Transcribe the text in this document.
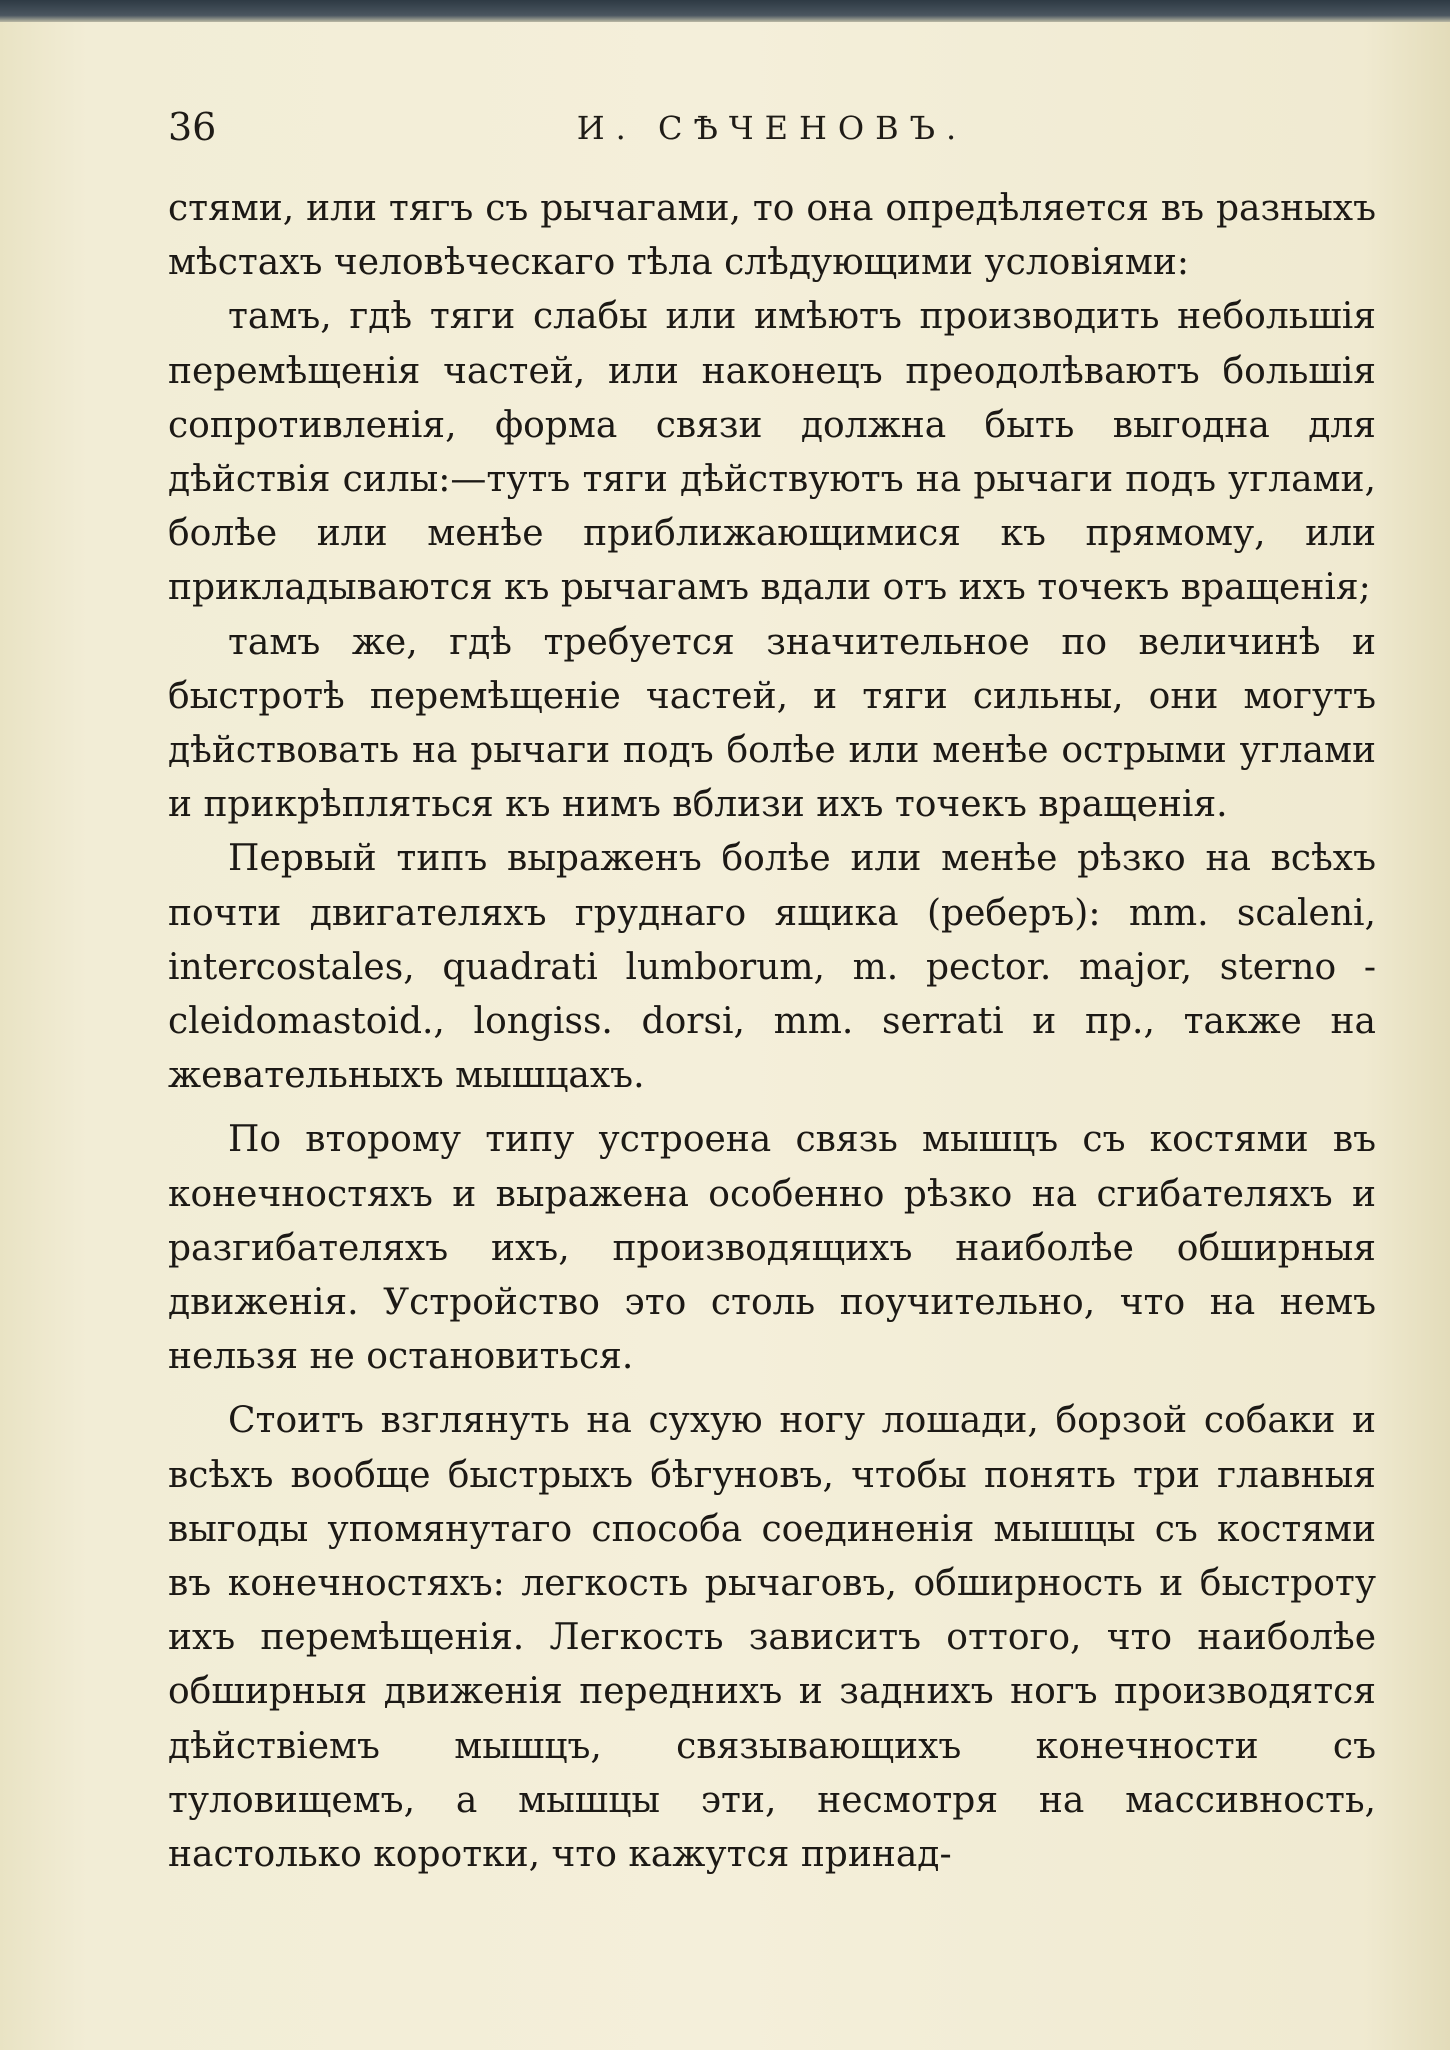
36	И. СѢЧЕНОВЪ.

стями, или тягъ съ рычагами, то она опредѣляется въ разныхъ мѣстахъ человѣческаго тѣла слѣдующими условіями:

тамъ, гдѣ тяги слабы или имѣютъ производить небольшія перемѣщенія частей, или наконецъ преодолѣваютъ большія сопротивленія, форма связи должна быть выгодна для дѣйствія силы:—тутъ тяги дѣйствуютъ на рычаги подъ углами, болѣе или менѣе приближающимися къ прямому, или прикладываются къ рычагамъ вдали отъ ихъ точекъ вращенія;

тамъ же, гдѣ требуется значительное по величинѣ и быстротѣ перемѣщеніе частей, и тяги сильны, они могутъ дѣйствовать на рычаги подъ болѣе или менѣе острыми углами и прикрѣпляться къ нимъ вблизи ихъ точекъ вращенія.

Первый типъ выраженъ болѣе или менѣе рѣзко на всѣхъ почти двигателяхъ груднаго ящика (реберъ): mm. scaleni, intercostales, quadrati lumborum, m. pector. major, sterno - cleidomastoid., longiss. dorsi, mm. serrati и пр., также на жевательныхъ мышцахъ.

По второму типу устроена связь мышцъ съ костями въ конечностяхъ и выражена особенно рѣзко на сгибателяхъ и разгибателяхъ ихъ, производящихъ наиболѣе обширныя движенія. Устройство это столь поучительно, что на немъ нельзя не остановиться.

Стоитъ взглянуть на сухую ногу лошади, борзой собаки и всѣхъ вообще быстрыхъ бѣгуновъ, чтобы понять три главныя выгоды упомянутаго способа соединенія мышцы съ костями въ конечностяхъ: легкость рычаговъ, обширность и быстроту ихъ перемѣщенія. Легкость зависитъ оттого, что наиболѣе обширныя движенія переднихъ и заднихъ ногъ производятся дѣйствіемъ мышцъ, связывающихъ конечности съ туловищемъ, а мышцы эти, несмотря на массивность, настолько коротки, что кажутся принад-
